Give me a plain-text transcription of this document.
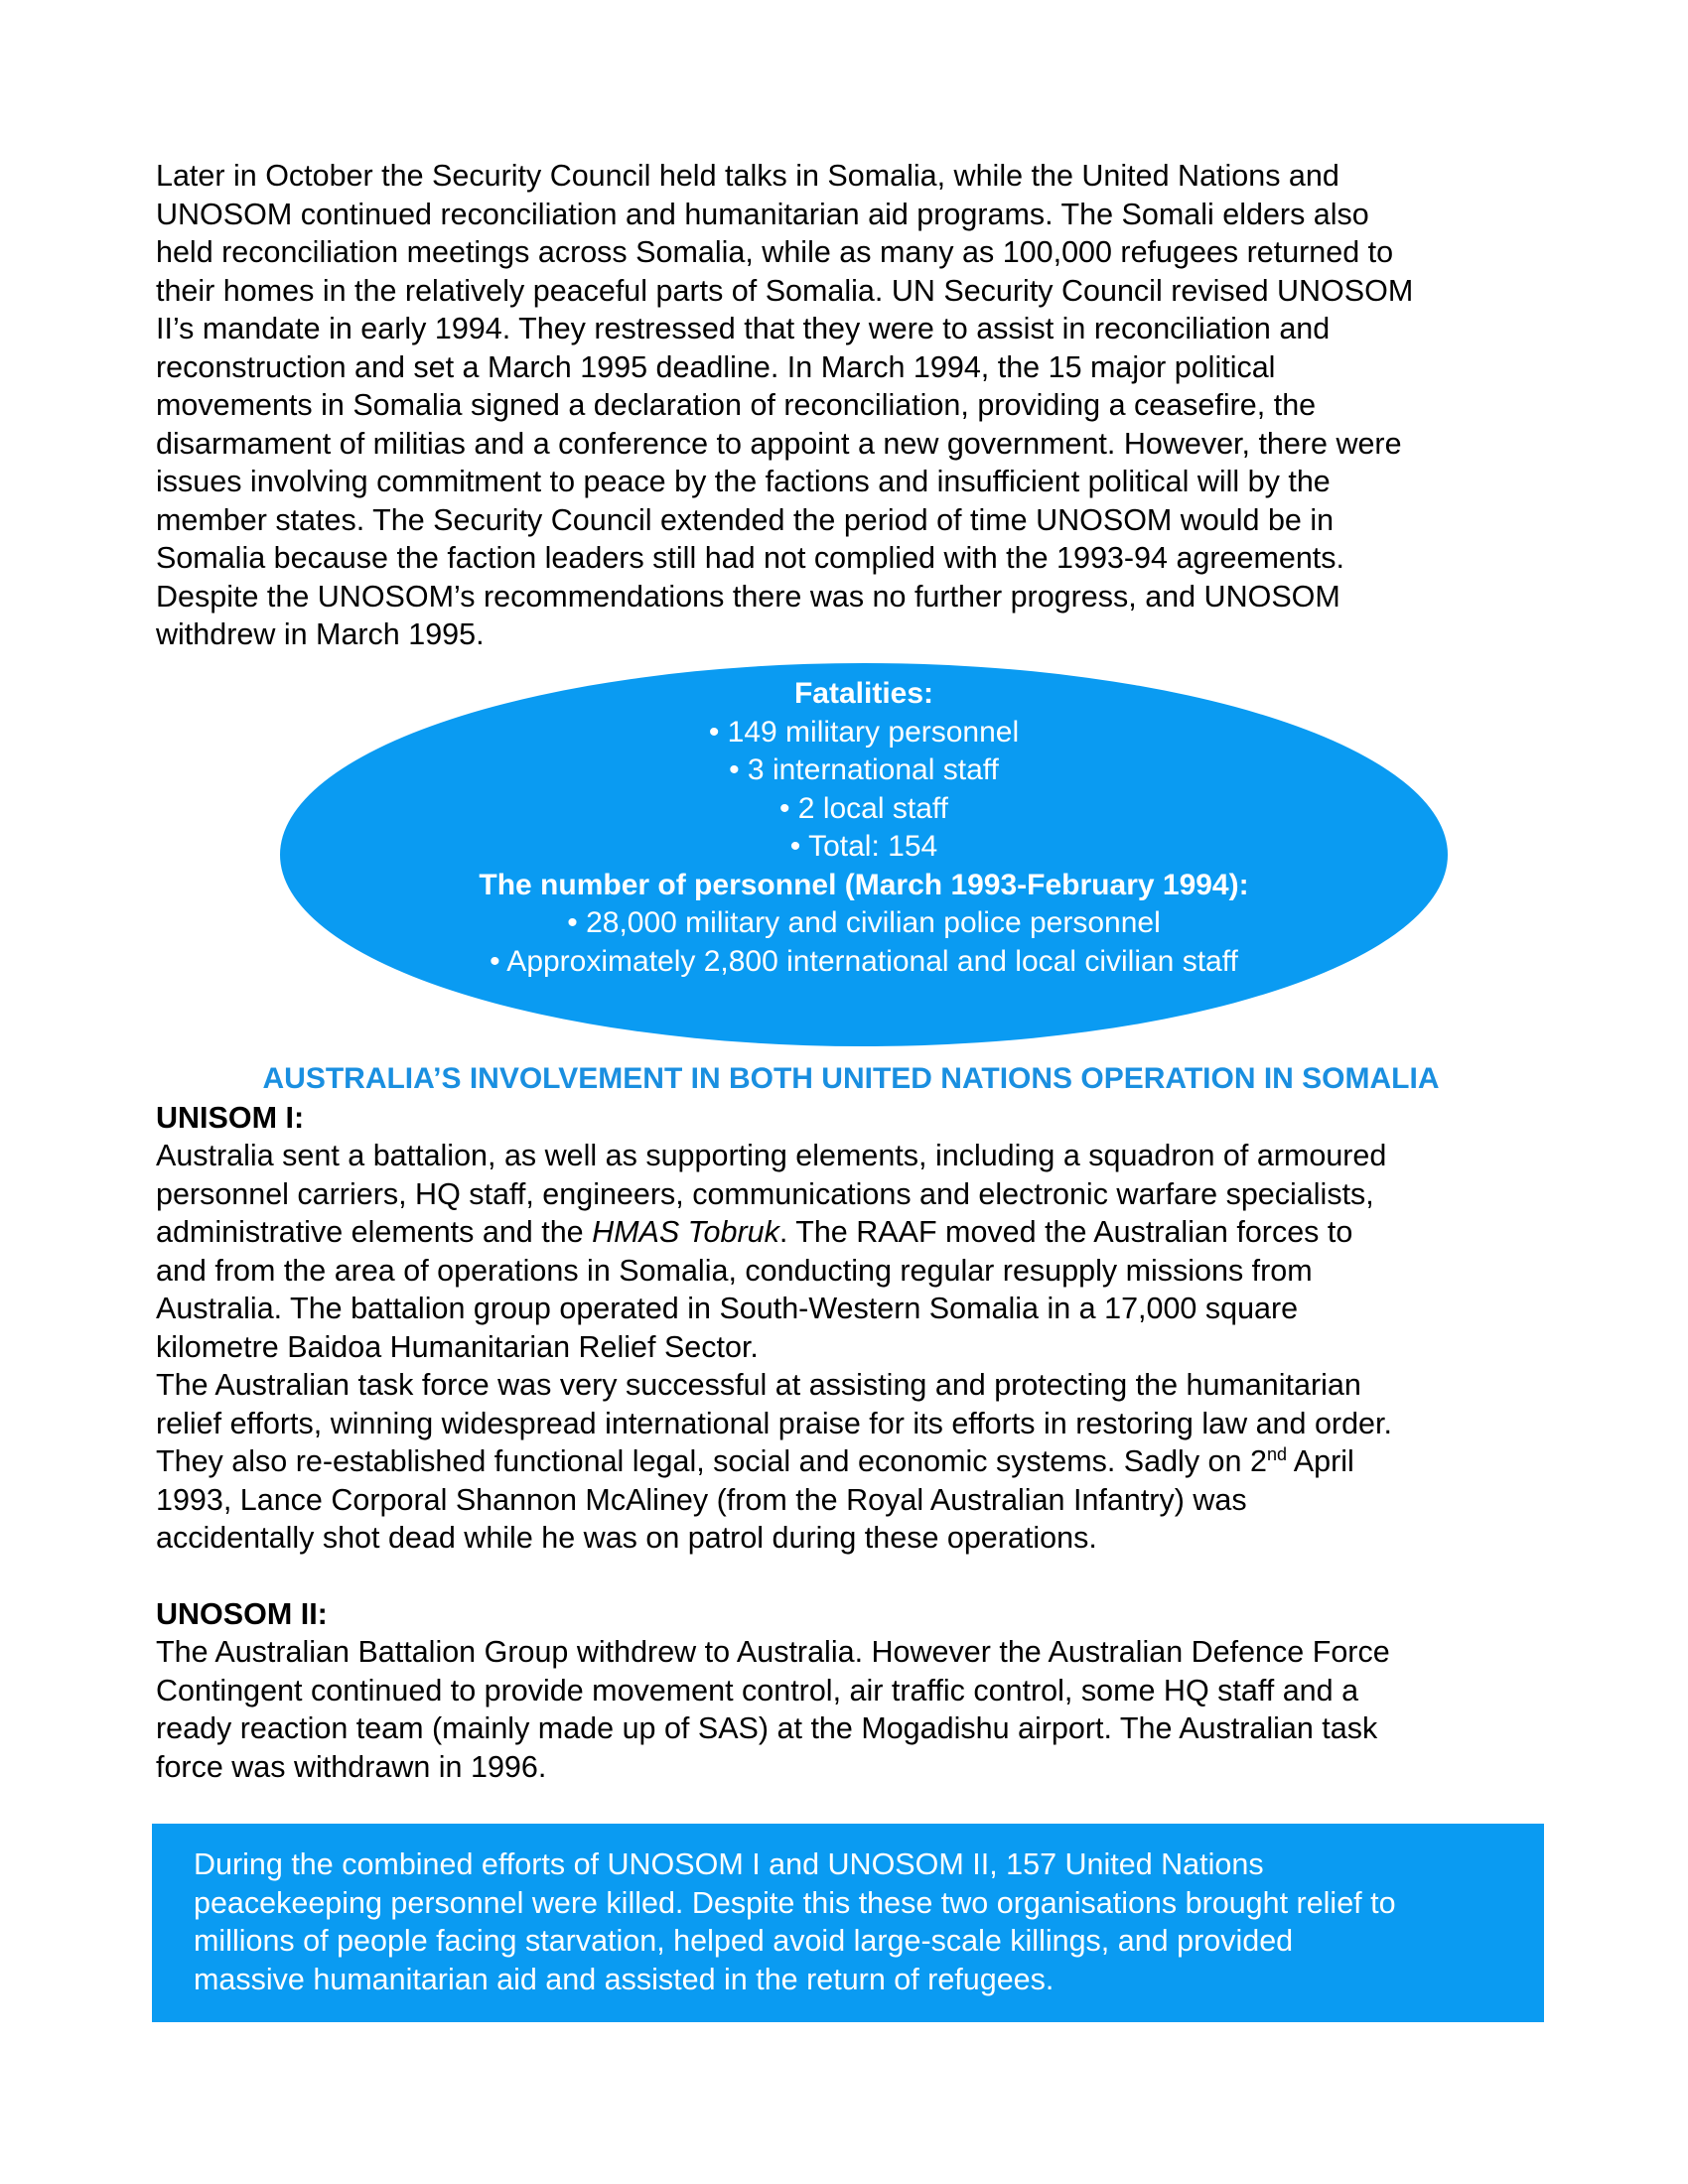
Later in October the Security Council held talks in Somalia, while the United Nations and
UNOSOM continued reconciliation and humanitarian aid programs. The Somali elders also
held reconciliation meetings across Somalia, while as many as 100,000 refugees returned to
their homes in the relatively peaceful parts of Somalia. UN Security Council revised UNOSOM
II’s mandate in early 1994. They restressed that they were to assist in reconciliation and
reconstruction and set a March 1995 deadline. In March 1994, the 15 major political
movements in Somalia signed a declaration of reconciliation, providing a ceasefire, the
disarmament of militias and a conference to appoint a new government. However, there were
issues involving commitment to peace by the factions and insufficient political will by the
member states. The Security Council extended the period of time UNOSOM would be in
Somalia because the faction leaders still had not complied with the 1993-94 agreements.
Despite the UNOSOM’s recommendations there was no further progress, and UNOSOM
withdrew in March 1995.

Fatalities:
• 149 military personnel
• 3 international staff
• 2 local staff
• Total: 154
The number of personnel (March 1993-February 1994):
• 28,000 military and civilian police personnel
• Approximately 2,800 international and local civilian staff
AUSTRALIA’S INVOLVEMENT IN BOTH UNITED NATIONS OPERATION IN SOMALIA
UNISOM I:

Australia sent a battalion, as well as supporting elements, including a squadron of armoured
personnel carriers, HQ staff, engineers, communications and electronic warfare specialists,
administrative elements and the HMAS Tobruk. The RAAF moved the Australian forces to
and from the area of operations in Somalia, conducting regular resupply missions from
Australia. The battalion group operated in South-Western Somalia in a 17,000 square
kilometre Baidoa Humanitarian Relief Sector.
The Australian task force was very successful at assisting and protecting the humanitarian
relief efforts, winning widespread international praise for its efforts in restoring law and order.
They also re-established functional legal, social and economic systems. Sadly on 2nd April
1993, Lance Corporal Shannon McAliney (from the Royal Australian Infantry) was
accidentally shot dead while he was on patrol during these operations.

UNOSOM II:

The Australian Battalion Group withdrew to Australia. However the Australian Defence Force
Contingent continued to provide movement control, air traffic control, some HQ staff and a
ready reaction team (mainly made up of SAS) at the Mogadishu airport. The Australian task
force was withdrawn in 1996.

During the combined efforts of UNOSOM I and UNOSOM II, 157 United Nations
peacekeeping personnel were killed. Despite this these two organisations brought relief to
millions of people facing starvation, helped avoid large-scale killings, and provided
massive humanitarian aid and assisted in the return of refugees.
